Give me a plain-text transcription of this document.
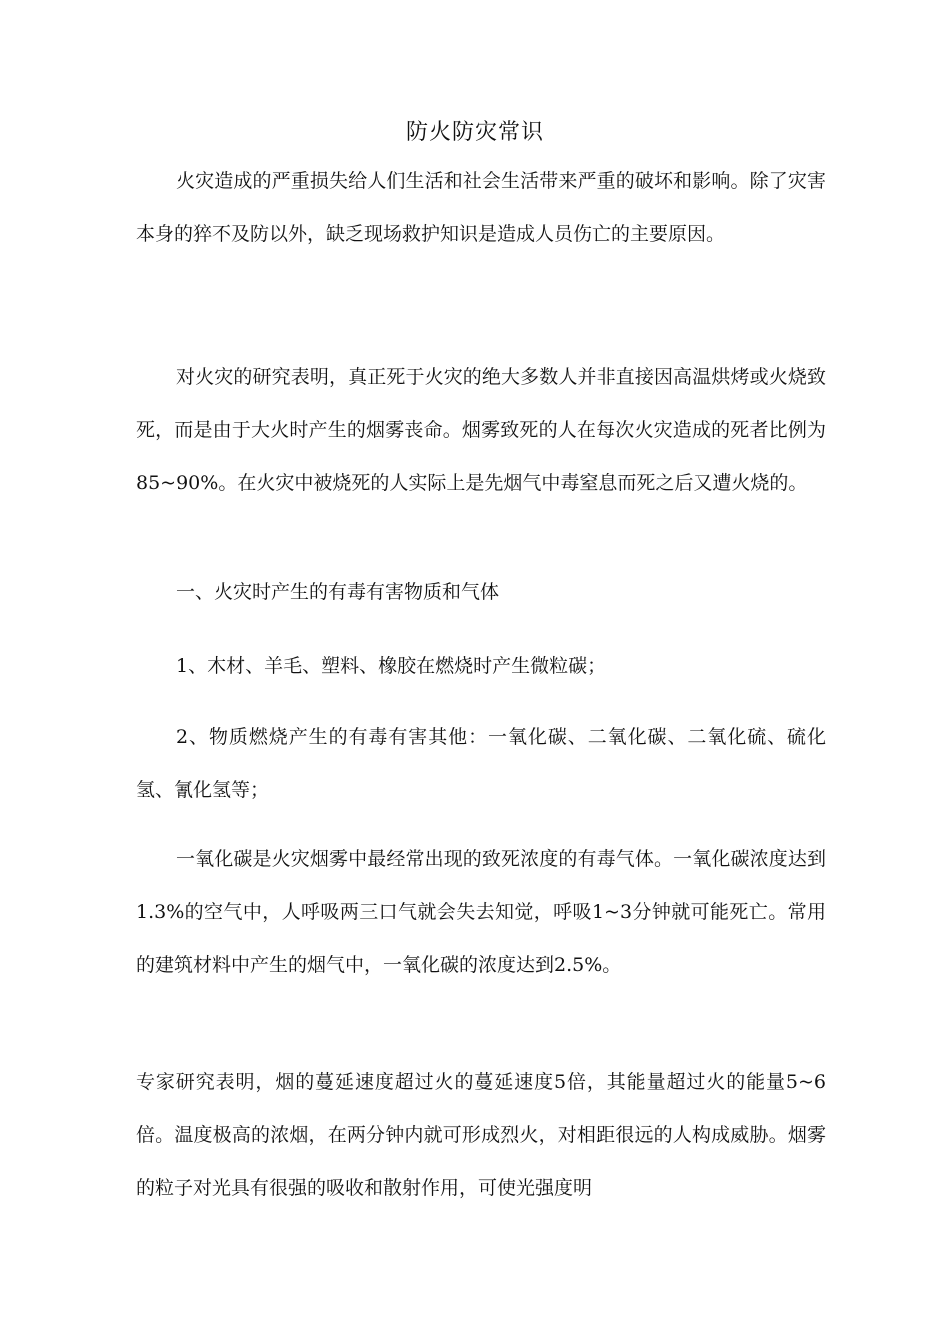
防火防灾常识

火灾造成的严重损失给人们生活和社会生活带来严重的破坏和影响。除了灾害本身的猝不及防以外，缺乏现场救护知识是造成人员伤亡的主要原因。

对火灾的研究表明，真正死于火灾的绝大多数人并非直接因高温烘烤或火烧致死，而是由于大火时产生的烟雾丧命。烟雾致死的人在每次火灾造成的死者比例为85~90%。在火灾中被烧死的人实际上是先烟气中毒窒息而死之后又遭火烧的。

一、火灾时产生的有毒有害物质和气体

1、木材、羊毛、塑料、橡胶在燃烧时产生微粒碳；

2、物质燃烧产生的有毒有害其他：一氧化碳、二氧化碳、二氧化硫、硫化氢、氰化氢等；

一氧化碳是火灾烟雾中最经常出现的致死浓度的有毒气体。一氧化碳浓度达到1.3%的空气中，人呼吸两三口气就会失去知觉，呼吸1~3分钟就可能死亡。常用的建筑材料中产生的烟气中，一氧化碳的浓度达到2.5%。

专家研究表明，烟的蔓延速度超过火的蔓延速度5倍，其能量超过火的能量5~6倍。温度极高的浓烟，在两分钟内就可形成烈火，对相距很远的人构成威胁。烟雾的粒子对光具有很强的吸收和散射作用，可使光强度明
